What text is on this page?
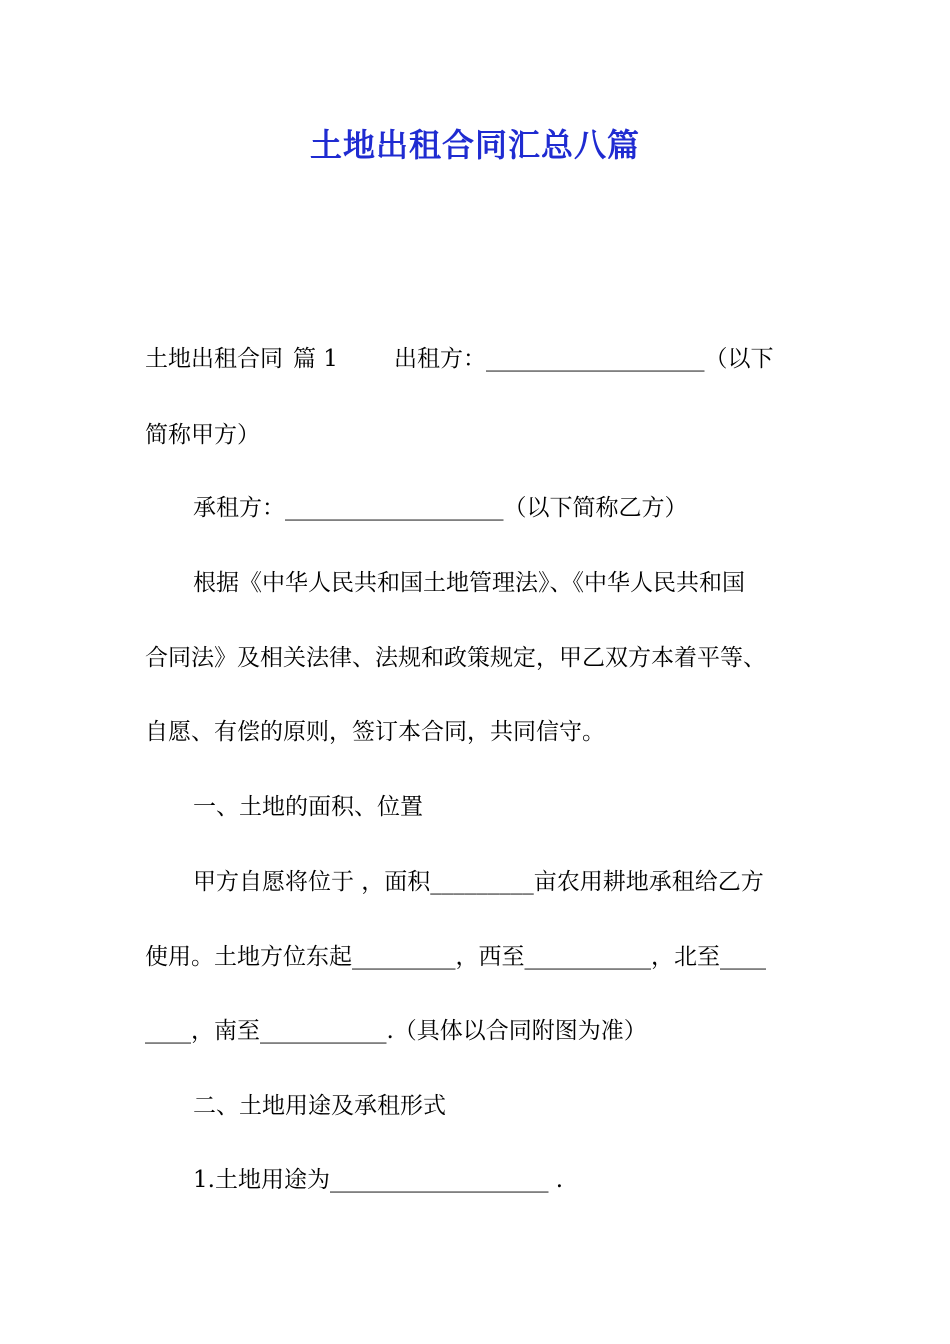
土地出租合同汇总八篇

土地出租合同 篇 1 出租方：___________________（以下

简称甲方）

承租方：___________________（以下简称乙方）

根据《中华人民共和国土地管理法》、《中华人民共和国

合同法》及相关法律、法规和政策规定，甲乙双方本着平等、

自愿、有偿的原则，签订本合同，共同信守。

一、土地的面积、位置

甲方自愿将位于 ，面积_________亩农用耕地承租给乙方

使用。土地方位东起_________，西至___________，北至____

____，南至___________.（具体以合同附图为准）

二、土地用途及承租形式

1.土地用途为___________________ .
